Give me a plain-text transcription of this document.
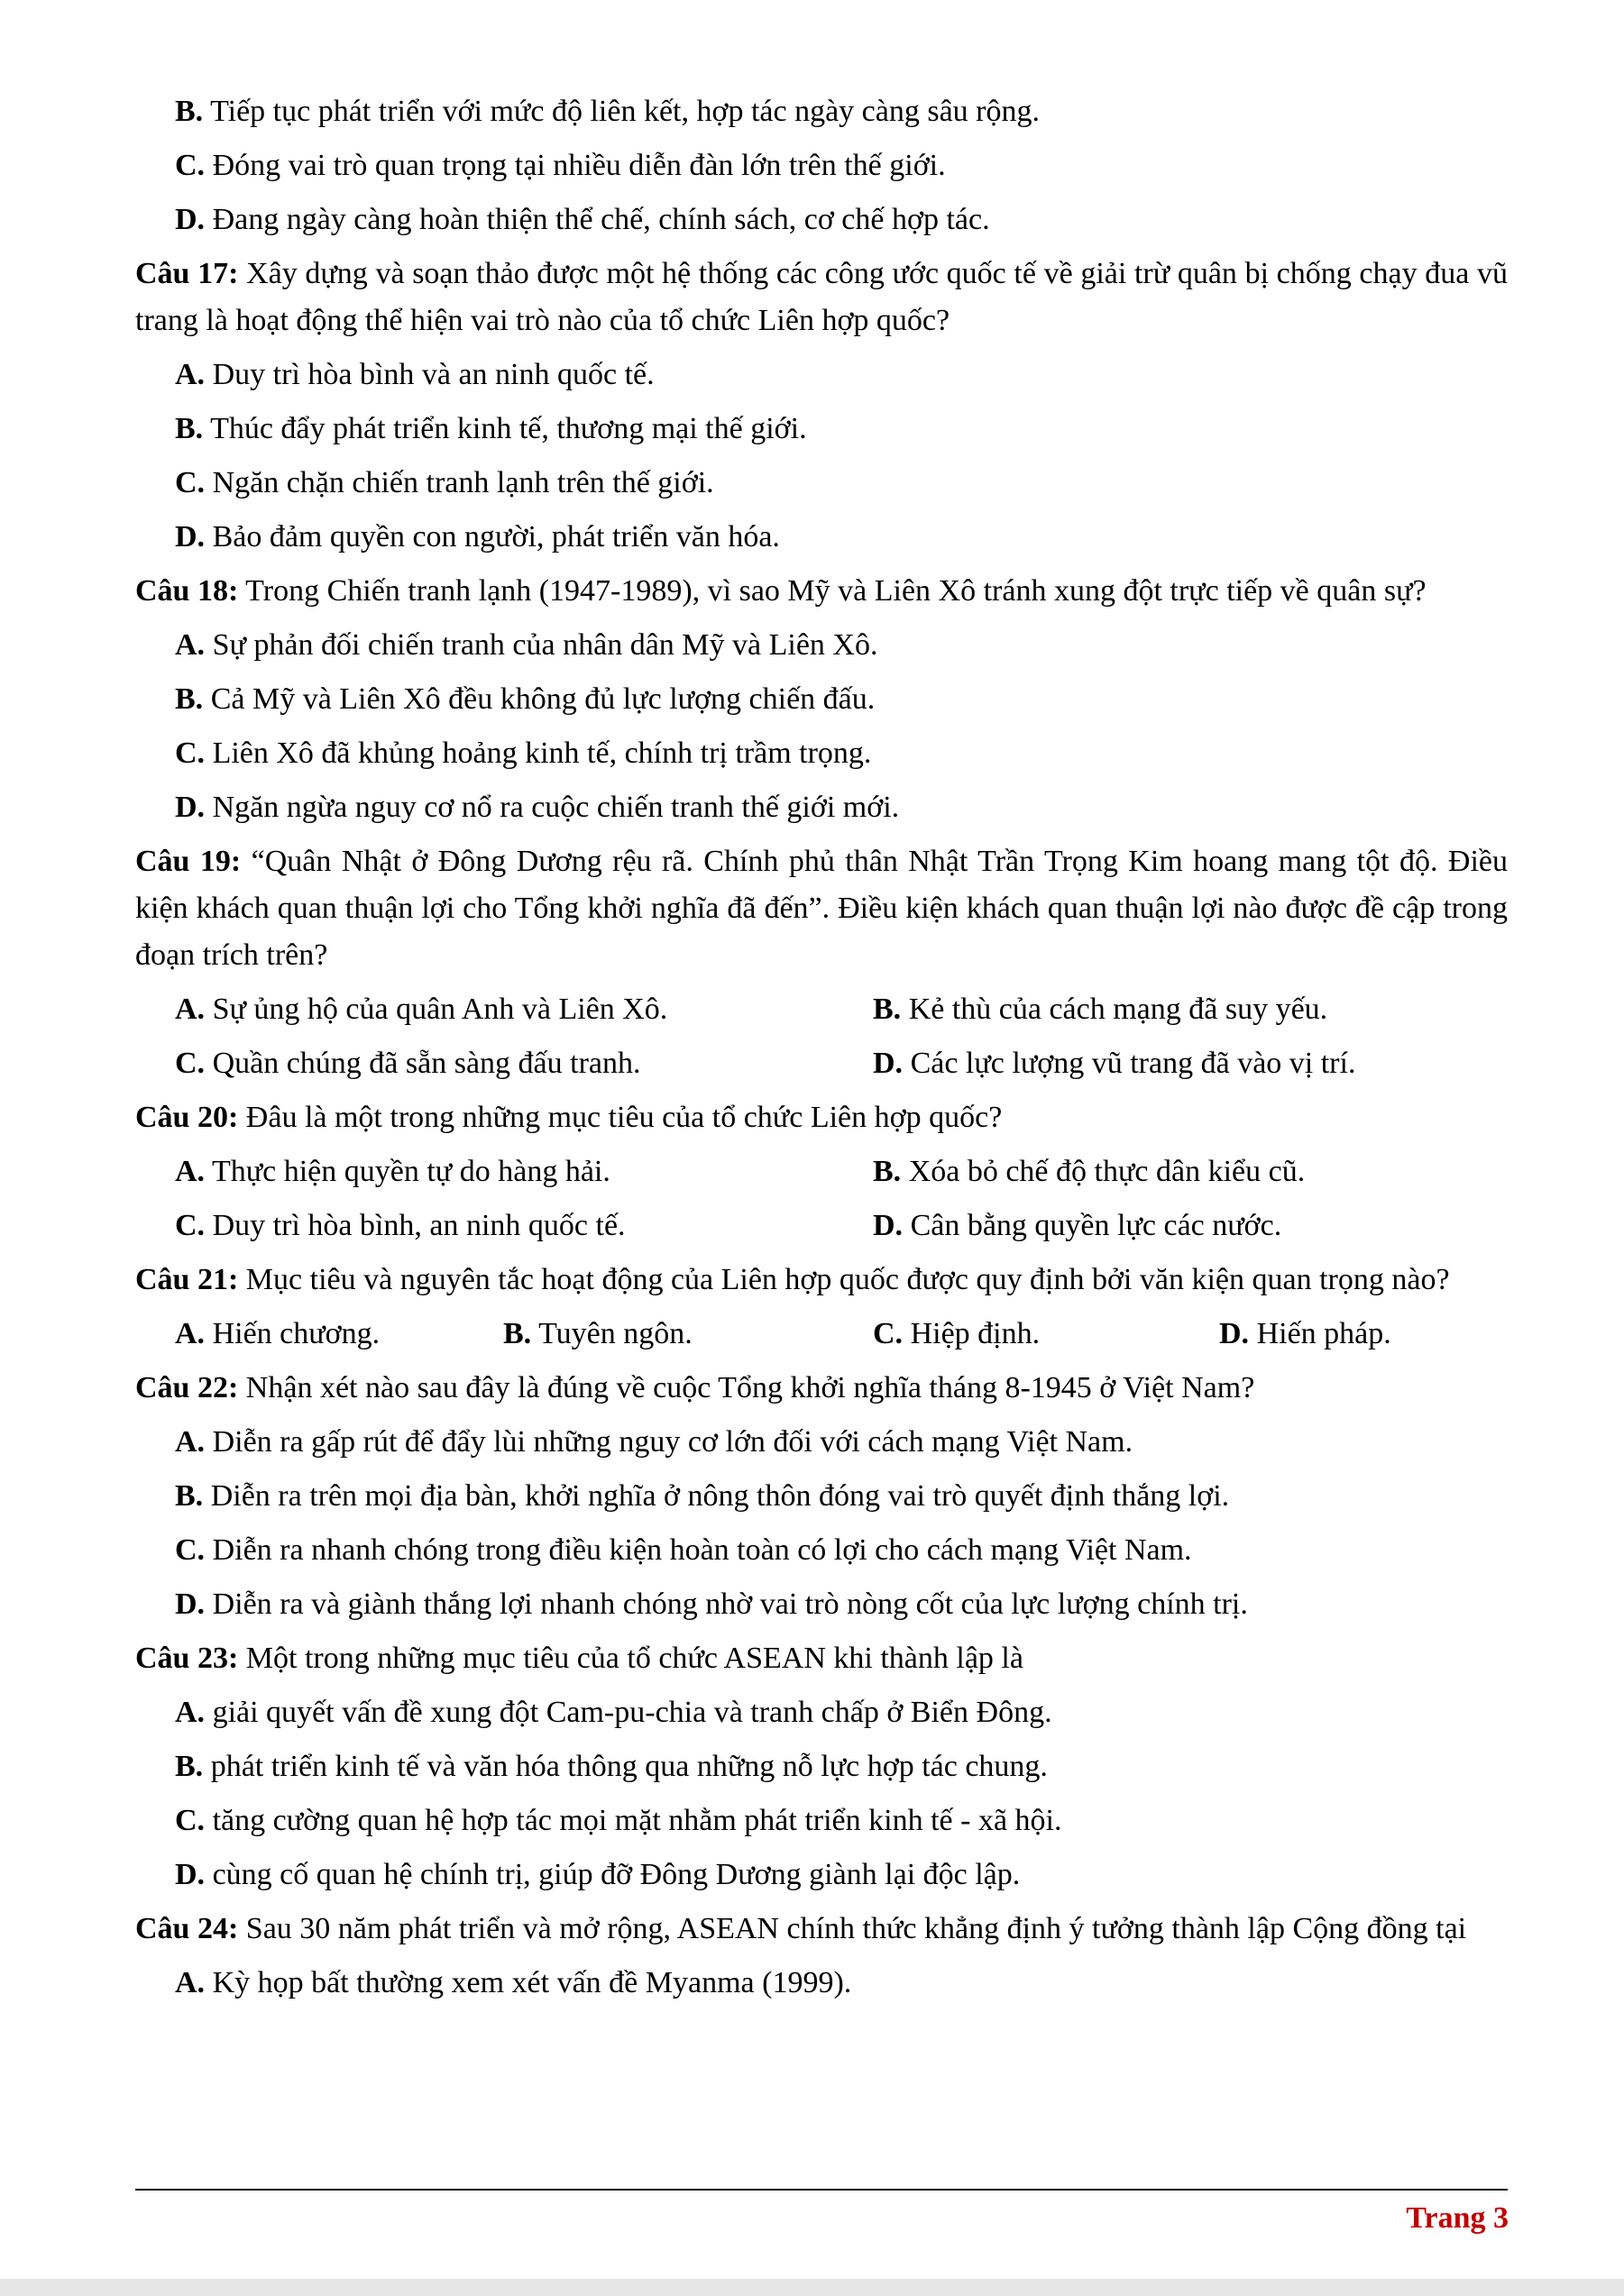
B. Tiếp tục phát triển với mức độ liên kết, hợp tác ngày càng sâu rộng.
C. Đóng vai trò quan trọng tại nhiều diễn đàn lớn trên thế giới.
D. Đang ngày càng hoàn thiện thể chế, chính sách, cơ chế hợp tác.
Câu 17: Xây dựng và soạn thảo được một hệ thống các công ước quốc tế về giải trừ quân bị chống chạy đua vũ trang là hoạt động thể hiện vai trò nào của tổ chức Liên hợp quốc?
A. Duy trì hòa bình và an ninh quốc tế.
B. Thúc đẩy phát triển kinh tế, thương mại thế giới.
C. Ngăn chặn chiến tranh lạnh trên thế giới.
D. Bảo đảm quyền con người, phát triển văn hóa.
Câu 18: Trong Chiến tranh lạnh (1947-1989), vì sao Mỹ và Liên Xô tránh xung đột trực tiếp về quân sự?
A. Sự phản đối chiến tranh của nhân dân Mỹ và Liên Xô.
B. Cả Mỹ và Liên Xô đều không đủ lực lượng chiến đấu.
C. Liên Xô đã khủng hoảng kinh tế, chính trị trầm trọng.
D. Ngăn ngừa nguy cơ nổ ra cuộc chiến tranh thế giới mới.
Câu 19: “Quân Nhật ở Đông Dương rệu rã. Chính phủ thân Nhật Trần Trọng Kim hoang mang tột độ. Điều kiện khách quan thuận lợi cho Tổng khởi nghĩa đã đến”. Điều kiện khách quan thuận lợi nào được đề cập trong đoạn trích trên?
A. Sự ủng hộ của quân Anh và Liên Xô.	B. Kẻ thù của cách mạng đã suy yếu.
C. Quần chúng đã sẵn sàng đấu tranh.	D. Các lực lượng vũ trang đã vào vị trí.
Câu 20: Đâu là một trong những mục tiêu của tổ chức Liên hợp quốc?
A. Thực hiện quyền tự do hàng hải.	B. Xóa bỏ chế độ thực dân kiểu cũ.
C. Duy trì hòa bình, an ninh quốc tế.	D. Cân bằng quyền lực các nước.
Câu 21: Mục tiêu và nguyên tắc hoạt động của Liên hợp quốc được quy định bởi văn kiện quan trọng nào?
A. Hiến chương.	B. Tuyên ngôn.	C. Hiệp định.	D. Hiến pháp.
Câu 22: Nhận xét nào sau đây là đúng về cuộc Tổng khởi nghĩa tháng 8-1945 ở Việt Nam?
A. Diễn ra gấp rút để đẩy lùi những nguy cơ lớn đối với cách mạng Việt Nam.
B. Diễn ra trên mọi địa bàn, khởi nghĩa ở nông thôn đóng vai trò quyết định thắng lợi.
C. Diễn ra nhanh chóng trong điều kiện hoàn toàn có lợi cho cách mạng Việt Nam.
D. Diễn ra và giành thắng lợi nhanh chóng nhờ vai trò nòng cốt của lực lượng chính trị.
Câu 23: Một trong những mục tiêu của tổ chức ASEAN khi thành lập là
A. giải quyết vấn đề xung đột Cam-pu-chia và tranh chấp ở Biển Đông.
B. phát triển kinh tế và văn hóa thông qua những nỗ lực hợp tác chung.
C. tăng cường quan hệ hợp tác mọi mặt nhằm phát triển kinh tế - xã hội.
D. cùng cố quan hệ chính trị, giúp đỡ Đông Dương giành lại độc lập.
Câu 24: Sau 30 năm phát triển và mở rộng, ASEAN chính thức khẳng định ý tưởng thành lập Cộng đồng tại
A. Kỳ họp bất thường xem xét vấn đề Myanma (1999).
Trang 3
